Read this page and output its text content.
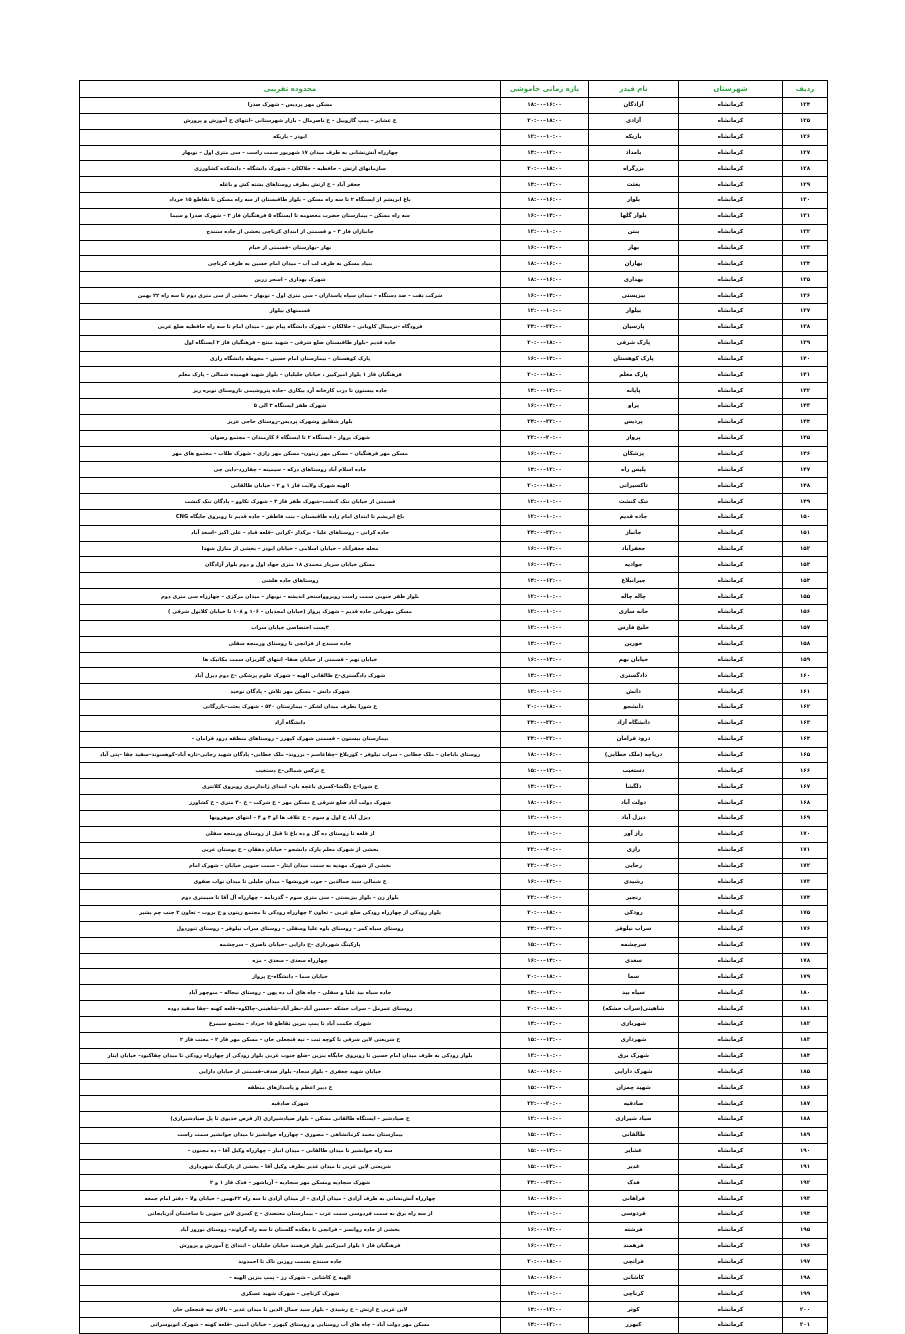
ردیف	شهرستان	نام فیدر	بازه زمانی خاموشی	محدوده تقریبی
۱۲۴	کرمانشاه	آزادگان	۱۶:۰۰–۱۸:۰۰	مسکن مهر پردیس – شهرک صدرا
۱۲۵	کرمانشاه	آزادی	۱۸:۰۰–۲۰:۰۰	خ عشایر – پمپ گازوییل – خ ناصرمال – بازار شهرستانی –انتهای خ آموزش و پرورش
۱۲۶	کرمانشاه	باریکه	۱۰:۰۰–۱۲:۰۰	ابوذر – باریکه
۱۲۷	کرمانشاه	بامداد	۱۲:۰۰–۱۴:۰۰	چهارراه آتش‌نشانی به طرف میدان ۱۷ شهریور سمت راست – سی متری اول – نوبهار
۱۲۸	کرمانشاه	بزرگراه	۱۸:۰۰–۲۰:۰۰	سازمانهای ارتش – حافظیه – جلالکان – شهرک دانشگاه – دانشکده کشاورزی
۱۲۹	کرمانشاه	بعثت	۱۲:۰۰–۱۴:۰۰	جعفر آباد – خ ارتش بطرف روستاهای بشته کش و باغله
۱۳۰	کرمانشاه	بلوار	۱۶:۰۰–۱۸:۰۰	باغ ابریشم از ایستگاه ۲ تا سه راه مسکن – بلوار طاقبستان از سه راه مسکن تا تقاطع ۱۵ خرداد
۱۳۱	کرمانشاه	بلوار گلها	۱۴:۰۰–۱۶:۰۰	سه راه مسکن – بیمارستان حضرت معصومه تا ایستگاه ۵ فرهنگیان فاز ۲ – شهرک صدرا و سیما
۱۳۲	کرمانشاه	بنتن	۱۰:۰۰–۱۲:۰۰	جانبازان فاز ۳ – و قسمتی از ابتدای کرناچی بخشی از جاده سنندج
۱۳۳	کرمانشاه	بهار	۱۴:۰۰–۱۶:۰۰	بهار –بهارستان –قسمتی از خیام
۱۳۴	کرمانشاه	بهاران	۱۶:۰۰–۱۸:۰۰	بنیاد مسکن به طرف لب آب – میدان امام حسین به طرف کرناچی
۱۳۵	کرمانشاه	بهداری	۱۶:۰۰–۱۸:۰۰	شهرک بهداری – اسحر زرین
۱۳۶	کرمانشاه	بیزیستی	۱۴:۰۰–۱۶:۰۰	شرکت نفت – صد دستگاه – میدان سپاه پاسداران – سی متری اول – نوبهار – بخشی از سی متری دوم تا سه راه ۲۲ بهمن
۱۳۷	کرمانشاه	بیلوار	۱۰:۰۰–۱۲:۰۰	قسمتهای بیلوار
۱۳۸	کرمانشاه	پارسیان	۲۲:۰۰–۲۴:۰۰	فرودگاه –ترمینال کاوبانی – جلالکان – شهرک دانشگاه پیام نور – میدان امام تا سه راه حافظیه ضلع غربی
۱۳۹	کرمانشاه	پارک شرقی	۱۸:۰۰–۲۰:۰۰	جاده قدیم –بلوار طاقبستان ضلع شرقی – شهید منتج – فرهنگیان فاز ۲ ایستگاه اول
۱۴۰	کرمانشاه	پارک کوهستان	۱۴:۰۰–۱۶:۰۰	پارک کوهستان – بیمارستان امام حسین – محوطه دانشگاه رازی
۱۴۱	کرمانشاه	پارک معلم	۱۸:۰۰–۲۰:۰۰	فرهنگیان فاز ۱ بلوار امیرکبیر ، خیابان جلیلیان – بلوار شهید فهمیده شمالی – پارک معلم
۱۴۲	کرمانشاه	پایانه	۱۲:۰۰–۱۴:۰۰	جاده بیستون تا درب کارخانه آرد بیکاری –جاده پتروشیمی تاروستای نوبره ریز
۱۴۳	کرمانشاه	پراو	۱۴:۰۰–۱۶:۰۰	شهرک ظفر ایستگاه ۳ الی ۵
۱۴۴	کرمانشاه	پردیس	۲۲:۰۰–۲۴:۰۰	بلوار شقایق وشهرک پردیس–روستای حاجی عزیز
۱۴۵	کرمانشاه	پرواز	۲۰:۰۰–۲۲:۰۰	شهرک پرواز – ایستگاه ۲ تا ایستگاه ۶ کارمندان – مجتمع رضوان
۱۴۶	کرمانشاه	پزشکان	۱۴:۰۰–۱۶:۰۰	مسکن مهر فرهنگیان – مسکن مهر زیتون– مسکن مهر رازی – شهرک طلاب – مجتمع های مهر
۱۴۷	کرمانشاه	پلیس راه	۱۲:۰۰–۱۴:۰۰	جاده اسلام آباد روستاهای درکه – سیمینه – چقازرد–دایی چی
۱۴۸	کرمانشاه	تاکسیرانی	۱۸:۰۰–۲۰:۰۰	الهیه شهرک ولایت فاز ۱ و ۲ – خیابان طالقانی
۱۴۹	کرمانشاه	تنک کنشت	۱۰:۰۰–۱۲:۰۰	قسمتی از خیابان تنک کنشت–شهرک ظفر فاز ۳ – شهرک تکاوو – پادگان تنک کنشت
۱۵۰	کرمانشاه	جاده قدیم	۱۰:۰۰–۱۲:۰۰	باغ ابریشم تا ابتدای امام زاده طاقبستان – بنت فاطفر – جاده قدیم تا روبروی جایگاه CNG
۱۵۱	کرمانشاه	جانباز	۲۲:۰۰–۲۴:۰۰	جاده کرانی – روستاهای علیا – برکدار –کرانی –قلعه قباد – علی اکبر –اسعد آباد
۱۵۲	کرمانشاه	جعفرآباد	۱۴:۰۰–۱۶:۰۰	محله جعفرآباد – خیابان اسلامی – خیابان ابوذر – بخشی از منازل شهدا
۱۵۳	کرمانشاه	جوادیه	۱۴:۰۰–۱۶:۰۰	مسکن خیابان سرباز محمدی ۱۸ متری جهاد اول و دوم بلوار آزادگان
۱۵۴	کرمانشاه	جیرانبلاغ	۱۲:۰۰–۱۴:۰۰	روستاهای جاده هلشی
۱۵۵	کرمانشاه	چاله چاله	۱۰:۰۰–۱۲:۰۰	بلوار ظفر جنوبی سمت راست روبروواستخر اندیشه – نوبهار – میدان مرکزی – چهارراه سی متری دوم
۱۵۶	کرمانشاه	خانه سازی	۱۰:۰۰–۱۲:۰۰	مسکن مهربانی جاده قدیم – شهرک پرواز (خیابان امجدیان – ۱۰۶ و ۱۰۸ تا خیابان کلانول شرقی )
۱۵۷	کرمانشاه	خلیج فارس	۱۰:۰۰–۱۲:۰۰	۳پست اختصاصی خیابان سراب
۱۵۸	کرمانشاه	خورین	۱۲:۰۰–۱۴:۰۰	جاده سنندج از فرانچی تا روستای ورمنجه سفلی
۱۵۹	کرمانشاه	خیابان نهم	۱۴:۰۰–۱۶:۰۰	خیابان نهم – قسمتی از خیابان صفا– انتهای گلریزان سمت مکانیک ها
۱۶۰	کرمانشاه	دادگستری	۱۲:۰۰–۱۴:۰۰	شهرک دادگستری–خ طالقانی الهیه – شهرک علوم پزشکی –خ دوم دیزل آباد
۱۶۱	کرمانشاه	دانش	۱۰:۰۰–۱۲:۰۰	شهرک دانش – مسکن مهر تلاش – پادگان توحید
۱۶۲	کرمانشاه	دانشجو	۱۸:۰۰–۲۰:۰۰	خ شورا بطرف میدان لشکر – بیمارستان ۵۴۰ – شهرک بعثت–بازرگانی
۱۶۳	کرمانشاه	دانشگاه آزاد	۲۲:۰۰–۲۴:۰۰	دانشگاه آزاد
۱۶۴	کرمانشاه	درود فرامان	۲۲:۰۰–۲۴:۰۰	بیمارستان بیستون – قسمتی شهرک کیهزر – روستاهای منطقه درود فرامان –
۱۶۵	کرمانشاه	دریاچه (ملک خطابی)	۱۶:۰۰–۱۸:۰۰	روستای باباجان – ملک خطابی – سراب نیلوفر – کوریلاغ –چقاغاسم – برزوند– ملک خطابی– پادگان شهید رجایی–تازه آباد–کوهسوند–سفید چقا –پتی آباد
۱۶۶	کرمانشاه	دستغیب	۱۳:۰۰–۱۵:۰۰	خ ترکس شمالی–خ دستغیب
۱۶۷	کرمانشاه	دلگشا	۱۲:۰۰–۱۴:۰۰	خ شورا–خ دلگشا–کسری باغچه بان– ابتدای ژاندارمری روبروی کلانتری
۱۶۸	کرمانشاه	دولت آباد	۱۶:۰۰–۱۸:۰۰	شهرک دولت آباد ضلع شرقی خ مسکن مهر – خ شرکت – خ ۴۰ متری – خ کشاورز
۱۶۹	کرمانشاه	دیزل آباد	۱۰:۰۰–۱۲:۰۰	دیزل آباد خ اول و سوم – خ علاف ها او ۳ و ۴ – انتهای جوهرونها
۱۷۰	کرمانشاه	راز آور	۱۰:۰۰–۱۲:۰۰	از قلعه تا روستای ده گل و ده باغ تا قبل از روستای ورمنجه سفلی
۱۷۱	کرمانشاه	رازی	۲۰:۰۰–۲۲:۰۰	بخشی از شهرک معلم پارک دانشجو – خیابان دهقان – خ بوستان غربی
۱۷۲	کرمانشاه	رجایی	۲۰:۰۰–۲۲:۰۰	بخشی از شهرک مهدیه به سمت میدان ایثار – سمت جنوبی خیابان – شهرک امام
۱۷۳	کرمانشاه	رشیدی	۱۴:۰۰–۱۶:۰۰	خ شمالی سید جمالدین – جوب فرونشها – میدان جلیلی تا میدان نواب صفوی
۱۷۴	کرمانشاه	رنجبر	۲۰:۰۰–۲۲:۰۰	بلوار زن – بلوار بیزیستی – سی متری سوم – گذرنامه – چهارراه آل آقا تا سیمتری دوم
۱۷۵	کرمانشاه	رودکی	۱۸:۰۰–۲۰:۰۰	بلوار رودکی از چهارراه رودکی ضلع غربی – تعاون ۲ چهارراه رودکی تا مجتمع زیتون و خ بروت – تعاون ۲ جنب چم بشیر
۱۷۶	کرمانشاه	سراب نیلوفر	۲۲:۰۰–۲۴:۰۰	روستای سیاه کمر – روستای باوه علیا وسفلی – روستای سراب نیلوفر – روستای تنوردول
۱۷۷	کرمانشاه	سرچشمه	۱۳:۰۰–۱۵:۰۰	پارکینگ شهرداری –خ دارایی –خیابان ناصری – سرچشمه
۱۷۸	کرمانشاه	سعدی	۱۴:۰۰–۱۶:۰۰	چهارراه سعدی – سعدی – مزه
۱۷۹	کرمانشاه	سما	۱۸:۰۰–۲۰:۰۰	خیابان سما – دانشگاه–خ پرواز
۱۸۰	کرمانشاه	سیاه بید	۱۲:۰۰–۱۴:۰۰	جاده سیاه بید علیا و سفلی – چاه های آب ده پهن – روستای نیجاله – منوچهر آباد
۱۸۱	کرمانشاه	شاهینی(سراب خشکه)	۱۸:۰۰–۲۰:۰۰	روستای عمرمل – سراب خشکه –حسین آباد–نظر آباد–شاهینی–چالکوه–قلعه کهنه –چقا سفید دوده
۱۸۲	کرمانشاه	شهربازی	۱۲:۰۰–۱۴:۰۰	شهرک حکمت آباد تا پمپ بنزین تقاطع ۱۵ خرداد – مجتمع سیمرغ
۱۸۳	کرمانشاه	شهرداری	۱۳:۰۰–۱۵:۰۰	خ شریعتی لاین شرقی تا کوچه ثبت – تپه قنجعلی خان – مسکن مهر فاز ۲ – معتت فاز ۲
۱۸۴	کرمانشاه	شهرک برق	۱۰:۰۰–۱۲:۰۰	بلوار رودکی به طرف میدان امام حسین تا روبروی جایگاه بنزین –ضلع جنوب غربی بلوار رودکی از چهارراه رودکی تا میدان چقاکبود– خیابان ایثار
۱۸۵	کرمانشاه	شهرک دارایی	۱۶:۰۰–۱۸:۰۰	خیابان شهید جعفری – بلوار سجاد– بلوار صدف–قسمتی از خیابان دارایی
۱۸۶	کرمانشاه	شهید چمران	۱۳:۰۰–۱۵:۰۰	خ دبیر اعظم و پاسداژهای منطقه
۱۸۷	کرمانشاه	صادقیه	۲۰:۰۰–۲۲:۰۰	شهرک صادقیه
۱۸۸	کرمانشاه	صیاد شیرازی	۱۰:۰۰–۱۲:۰۰	خ صیادشیر – ایستگاه طالقانی مسکن – بلوار صیادشیرازی (از قرص خدیوی تا پل صیادشیرازی)
۱۸۹	کرمانشاه	طالقانی	۱۳:۰۰–۱۵:۰۰	بیمارستان محمد کرمانشاهی – مصوری – چهارراه جوانشیر تا میدان جوانشیر سمت راست
۱۹۰	کرمانشاه	عشایر	۱۳:۰۰–۱۵:۰۰	سه راه جوانشیر تا میدان طالقانی – میدان انبار – چهارراه وکیل آقا – ده مجنون –
۱۹۱	کرمانشاه	غدیر	۱۳:۰۰–۱۵:۰۰	شریعتی لاین غربی تا میدان غدیر بطرف وکیل آقا – بخشی از پارکینگ شهرداری
۱۹۲	کرمانشاه	فدک	۲۲:۰۰–۲۴:۰۰	شهرک سجادیه ومسکن مهر سجادیه – آریاشهر – فدک فاز ۱ و ۲
۱۹۳	کرمانشاه	فراهانی	۱۶:۰۰–۱۸:۰۰	چهارراه آتش‌نشانی به طرف آزادی – میدان آزادی – از میدان آزادی تا سه راه ۲۲بهمن – خیابان ولا – دفتر امام جمعه
۱۹۴	کرمانشاه	فردوسی	۱۰:۰۰–۱۲:۰۰	از سه راه برق به سمت فردوسی سمت غرب – بیمارستان معتضدی – خ کسری لاین جنوبی تا ساختمان آذربایجانی
۱۹۵	کرمانشاه	فرشته	۱۴:۰۰–۱۶:۰۰	بخشی از جاده روانسر – فرانچی تا دهکده گلستان تا سه راه گراوند– روستای نوروز آباد
۱۹۶	کرمانشاه	فرهمند	۱۴:۰۰–۱۶:۰۰	فرهنگیان فاز ۱ بلوار امیرکبیر بلوار فرهمند خیابان جلیلیان – ابتدای خ آموزش و پرورش
۱۹۷	کرمانشاه	فرانچی	۱۸:۰۰–۲۰:۰۰	جاده سنندج بسمت روزبن تاک تا احمدوند
۱۹۸	کرمانشاه	کاشانی	۱۶:۰۰–۱۸:۰۰	الهیه خ کاشانی – شهرک رز – پمپ بنزین الهیه –
۱۹۹	کرمانشاه	کرناچی	۱۰:۰۰–۱۲:۰۰	شهرک کرناچی – شهرک شهید عسکری
۲۰۰	کرمانشاه	کوثر	۱۲:۰۰–۱۴:۰۰	لاین غربی خ ارتش – خ رشیدی – بلوار سید جمال الدین تا میدان غدیر – بالای تپه قنجعلی خان
۲۰۱	کرمانشاه	کیهزر	۱۲:۰۰–۱۴:۰۰	مسکن مهر دولت آباد – چاه های آب روستایی و روستای کیهزر – خیابان امینی –قلعه کهنه – شهرک اتوبوسرانی
